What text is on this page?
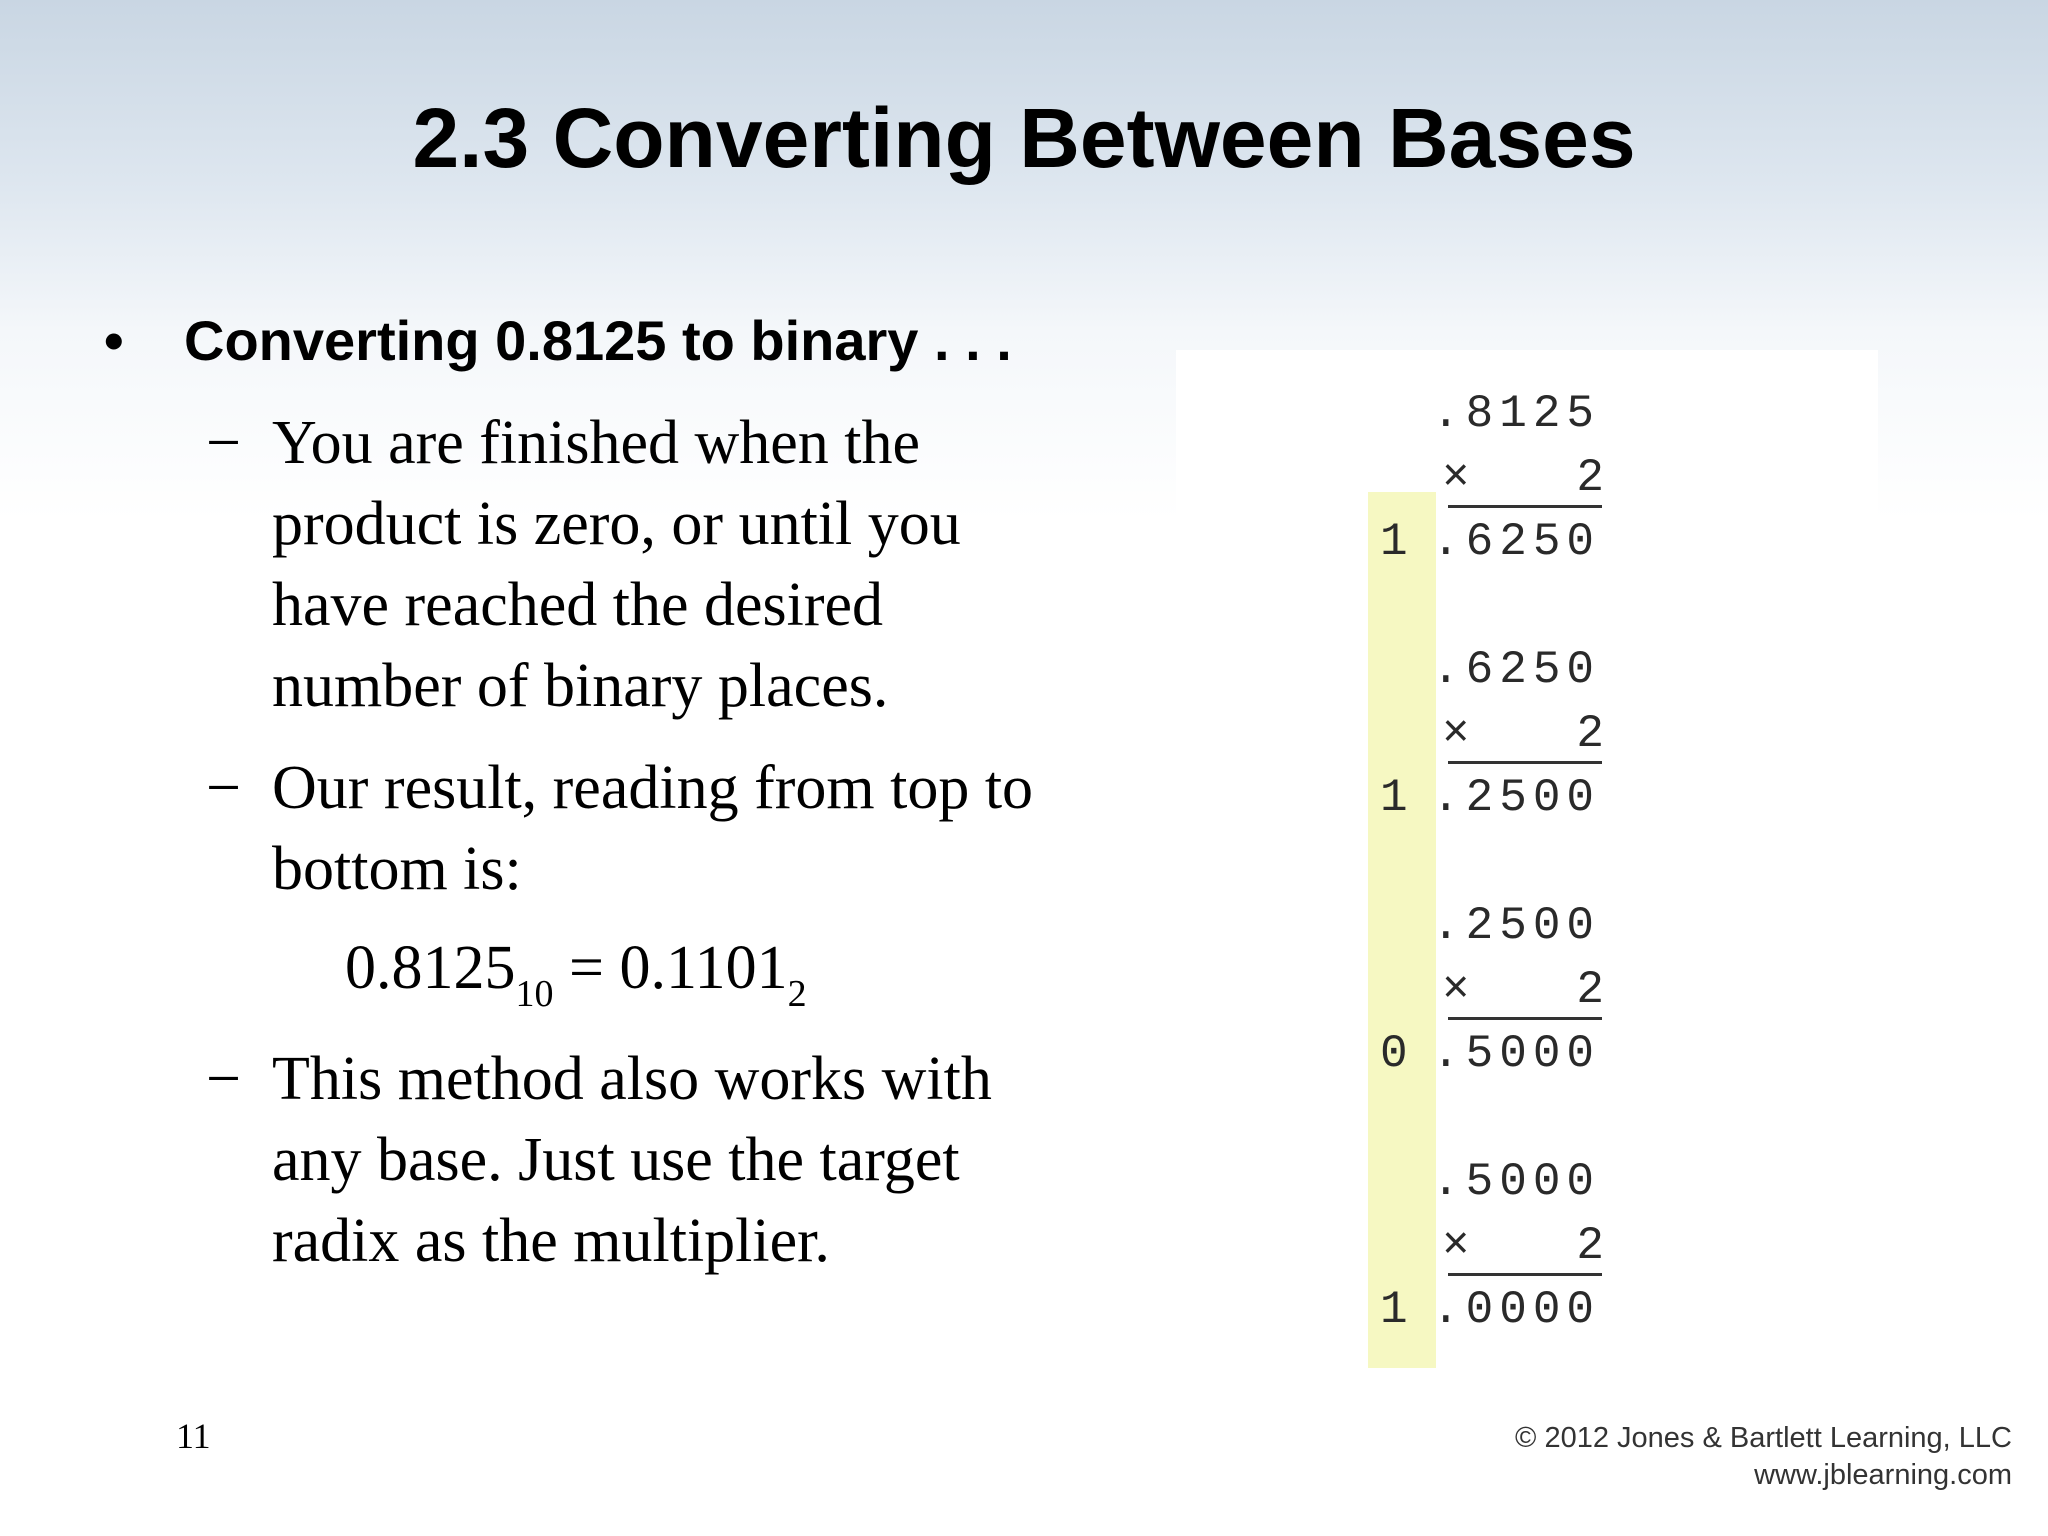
2.3 Converting Between Bases
•	Converting 0.8125 to binary . . .
− You are finished when the
product is zero, or until you
have reached the desired
number of binary places.
− Our result, reading from top to
bottom is:
$0.8125_{10} = 0.1101_2$
− This method also works with
any base. Just use the target
radix as the multiplier.
.8125
×   2
1 .6250
.6250
×   2
1 .2500
.2500
×   2
0 .5000
.5000
×   2
1 .0000
11	© 2012 Jones & Bartlett Learning, LLC
www.jblearning.com
